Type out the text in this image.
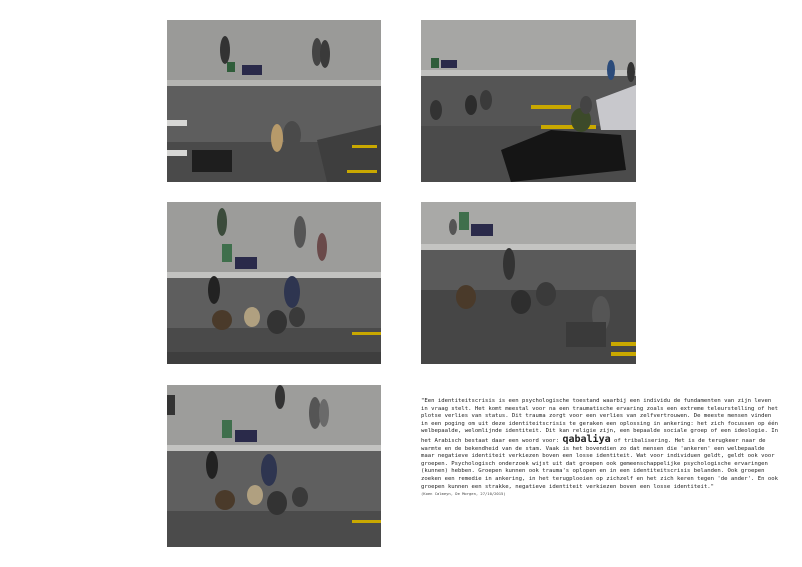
"Een identiteitscrisis is een psychologische toestand waarbij een individu de fundamenten van zijn leven in vraag stelt. Het komt meestal voor na een traumatische ervaring zoals een extreme teleurstelling of het plotse verlies van status. Dit trauma zorgt voor een verlies van zelfvertrouwen. De meeste mensen vinden in een poging om uit deze identiteitscrisis te geraken een oplossing in ankering: het zich focussen op één welbepaalde, welomlijnde identiteit. Dit kan religie zijn, een bepaalde sociale groep of een ideologie. In het Arabisch bestaat daar een woord voor: qabaliya of tribalisering. Het is de terugkeer naar de warmte en de bekendheid van de stam. Vaak is het bovendien zo dat mensen die 'ankeren' een welbepaalde maar negatieve identiteit verkiezen boven een losse identiteit. Wat voor individuen geldt, geldt ook voor groepen. Psychologisch onderzoek wijst uit dat groepen ook gemeenschappelijke psychologische ervaringen (kunnen) hebben. Groepen kunnen ook trauma's oplopen en in een identiteitscrisis belanden. Ook groepen zoeken een remedie in ankering, in het terugplooien op zichzelf en het zich keren tegen 'de ander'. En ook groepen kunnen een strakke, negatieve identiteit verkiezen boven een losse identiteit."
(Koen Calmeyn, De Morgen, 27/10/2015)
